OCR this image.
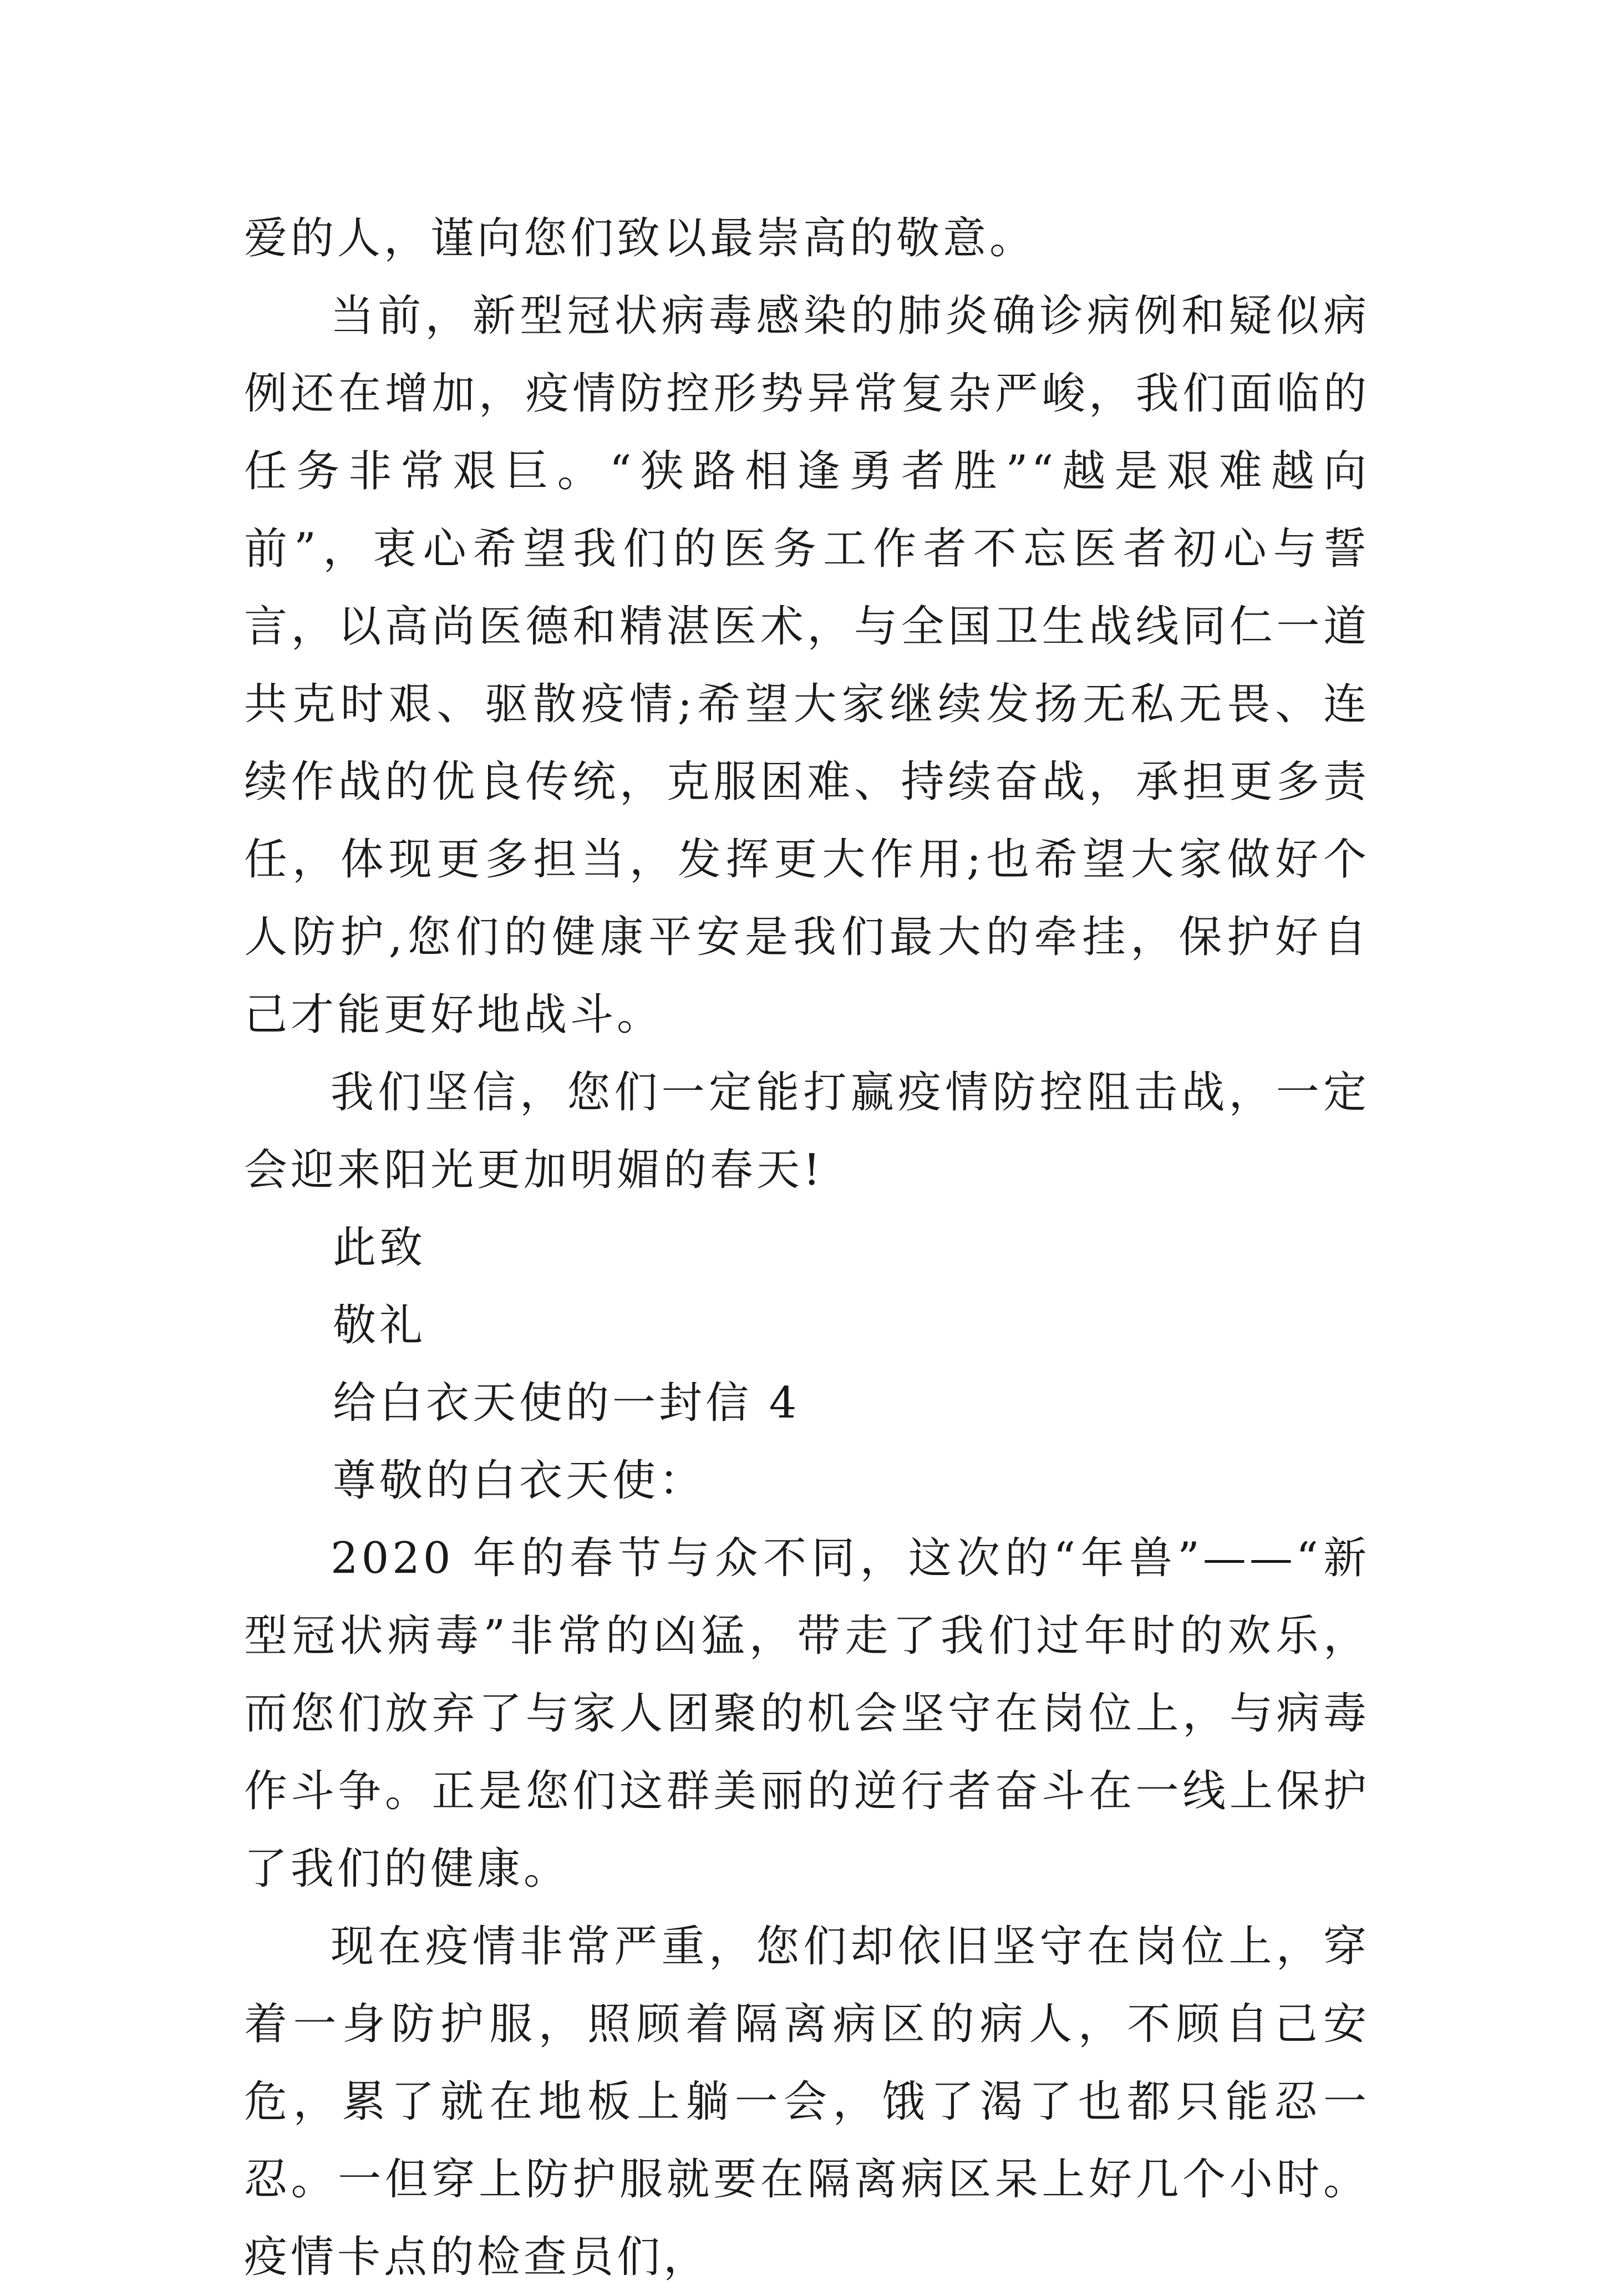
爱的人，谨向您们致以最崇高的敬意。

当前，新型冠状病毒感染的肺炎确诊病例和疑似病例还在增加，疫情防控形势异常复杂严峻，我们面临的任务非常艰巨。“狭路相逢勇者胜”“越是艰难越向前”，衷心希望我们的医务工作者不忘医者初心与誓言，以高尚医德和精湛医术，与全国卫生战线同仁一道共克时艰、驱散疫情;希望大家继续发扬无私无畏、连续作战的优良传统，克服困难、持续奋战，承担更多责任，体现更多担当，发挥更大作用;也希望大家做好个人防护,您们的健康平安是我们最大的牵挂，保护好自己才能更好地战斗。

我们坚信，您们一定能打赢疫情防控阻击战，一定会迎来阳光更加明媚的春天!

此致

敬礼

给白衣天使的一封信 4

尊敬的白衣天使：

2020 年的春节与众不同，这次的“年兽”——“新型冠状病毒”非常的凶猛，带走了我们过年时的欢乐，而您们放弃了与家人团聚的机会坚守在岗位上，与病毒作斗争。正是您们这群美丽的逆行者奋斗在一线上保护了我们的健康。

现在疫情非常严重，您们却依旧坚守在岗位上，穿着一身防护服，照顾着隔离病区的病人，不顾自己安危，累了就在地板上躺一会，饿了渴了也都只能忍一忍。一但穿上防护服就要在隔离病区呆上好几个小时。疫情卡点的检查员们，
